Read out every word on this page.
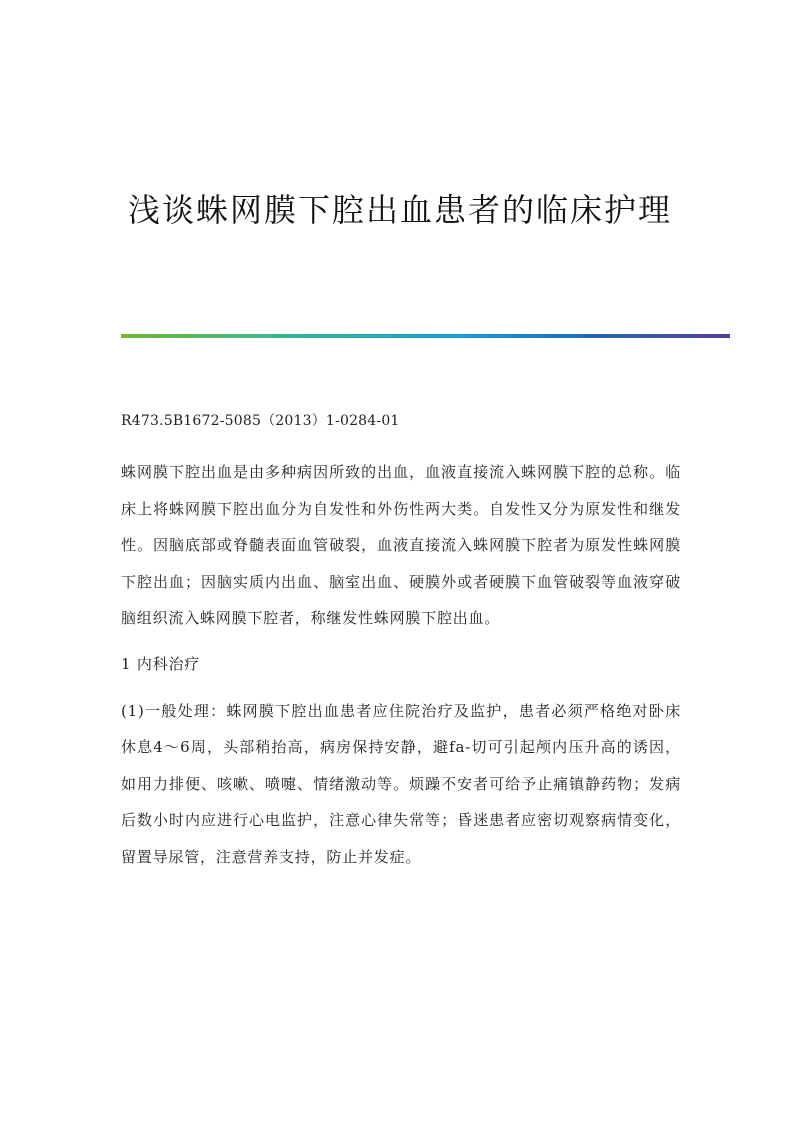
浅谈蛛网膜下腔出血患者的临床护理

R473.5B1672-5085（2013）1-0284-01

蛛网膜下腔出血是由多种病因所致的出血，血液直接流入蛛网膜下腔的总称。临床上将蛛网膜下腔出血分为自发性和外伤性两大类。自发性又分为原发性和继发性。因脑底部或脊髓表面血管破裂，血液直接流入蛛网膜下腔者为原发性蛛网膜下腔出血；因脑实质内出血、脑室出血、硬膜外或者硬膜下血管破裂等血液穿破脑组织流入蛛网膜下腔者，称继发性蛛网膜下腔出血。

1 内科治疗

(1)一般处理：蛛网膜下腔出血患者应住院治疗及监护，患者必须严格绝对卧床休息4～6周，头部稍抬高，病房保持安静，避fa-切可引起颅内压升高的诱因，如用力排便、咳嗽、喷嚏、情绪激动等。烦躁不安者可给予止痛镇静药物；发病后数小时内应进行心电监护，注意心律失常等；昏迷患者应密切观察病情变化，留置导尿管，注意营养支持，防止并发症。
